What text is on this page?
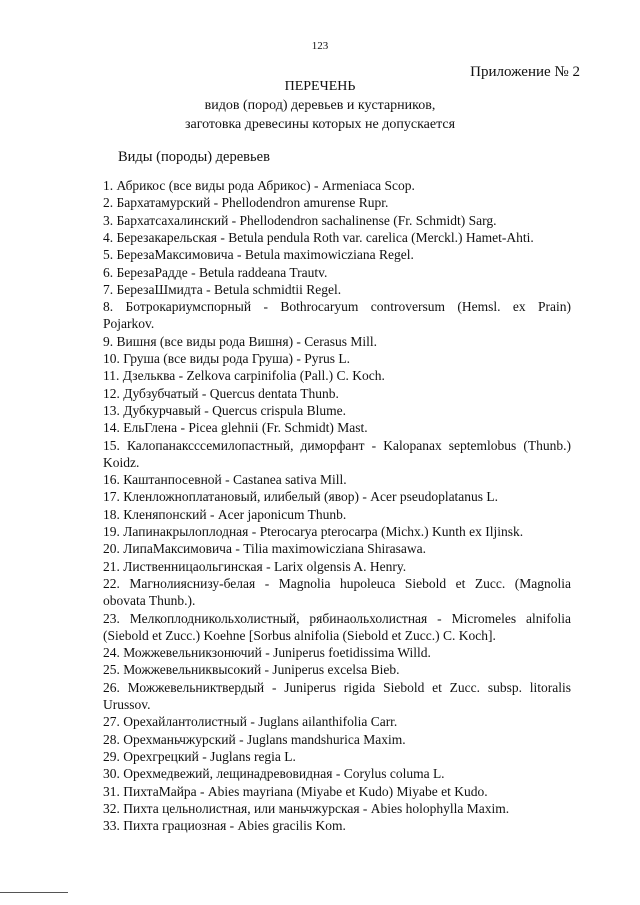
123
Приложение № 2
ПЕРЕЧЕНЬ
видов (пород) деревьев и кустарников,
заготовка древесины которых не допускается
Виды (породы) деревьев
1. Абрикос (все виды рода Абрикос) - Armeniaca Scop.
2. Бархатамурский - Phellodendron amurense Rupr.
3. Бархатсахалинский - Phellodendron sachalinense (Fr. Schmidt) Sarg.
4. Березакарельская - Betula pendula Roth var. carelica (Merckl.) Hamet-Ahti.
5. БерезаМаксимовича - Betula maximowicziana Regel.
6. БерезаРадде - Betula raddeana Trautv.
7. БерезаШмидта - Betula schmidtii Regel.
8. Ботрокариумспорный - Bothrocaryum controversum (Hemsl. ex Prain)
Pojarkov.
9. Вишня (все виды рода Вишня) - Cerasus Mill.
10. Груша (все виды рода Груша) - Pyrus L.
11. Дзельква - Zelkova carpinifolia (Pall.) C. Koch.
12. Дубзубчатый - Quercus dentata Thunb.
13. Дубкурчавый - Quercus crispula Blume.
14. ЕльГлена - Picea glehnii (Fr. Schmidt) Mast.
15. Калопанаксссемилопастный, диморфант - Kalopanax septemlobus (Thunb.)
Koidz.
16. Каштанпосевной - Castanea sativa Mill.
17. Кленложноплатановый, илибелый (явор) - Acer pseudoplatanus L.
18. Кленяпонский - Acer japonicum Thunb.
19. Лапинакрылоплодная - Pterocarya pterocarpa (Michx.) Kunth ex Iljinsk.
20. ЛипаМаксимовича - Tilia maximowicziana Shirasawa.
21. Лиственницаольгинская - Larix olgensis A. Henry.
22. Магнолияснизу-белая - Magnolia hupoleuca Siebold et Zucc. (Magnolia
obovata Thunb.).
23. Мелкоплодникольхолистный, рябинаольхолистная - Micromeles alnifolia
(Siebold et Zucc.) Koehne [Sorbus alnifolia (Siebold et Zucc.) C. Koch].
24. Можжевельникзонючий - Juniperus foetidissima Willd.
25. Можжевельниквысокий - Juniperus excelsa Bieb.
26. Можжевельниктвердый - Juniperus rigida Siebold et Zucc. subsp. litoralis
Urussov.
27. Орехайлантолистный - Juglans ailanthifolia Carr.
28. Орехманьчжурский - Juglans mandshurica Maxim.
29. Орехгрецкий - Juglans regia L.
30. Орехмедвежий, лещинадревовидная - Corylus columa L.
31. ПихтаМайра - Abies mayriana (Miyabe et Kudo) Miyabe et Kudo.
32. Пихта цельнолистная, или маньчжурская - Abies holophylla Maxim.
33. Пихта грациозная - Abies gracilis Kom.
